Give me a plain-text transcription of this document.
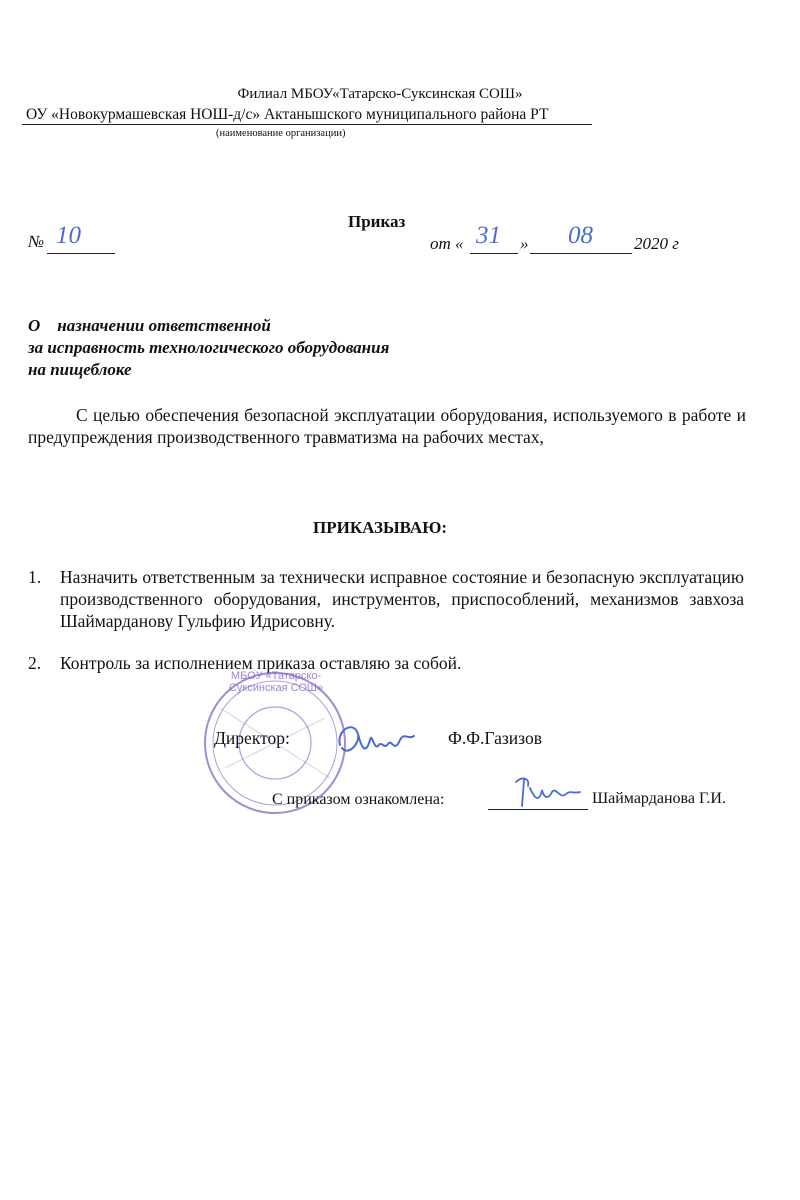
Филиал МБОУ«Татарско-Суксинская СОШ»
ОУ «Новокурмашевская НОШ-д/с» Актанышского муниципального района РТ
(наименование организации)
Приказ
№ 10	от « 31 » 08 2020 г
О    назначении ответственной
за исправность технологического оборудования
на пищеблоке
С целью обеспечения безопасной эксплуатации оборудования, используемого в работе и предупреждения производственного травматизма на рабочих местах,
ПРИКАЗЫВАЮ:
1.	Назначить ответственным за технически исправное состояние и безопасную эксплуатацию производственного оборудования, инструментов, приспособлений, механизмов завхоза Шаймарданову Гульфию Идрисовну.
2.	Контроль за исполнением приказа оставляю за собой.
МБОУ «Татарско-Суксинская СОШ»
Директор:	Ф.Ф.Газизов
С приказом ознакомлена:	Шаймарданова Г.И.
